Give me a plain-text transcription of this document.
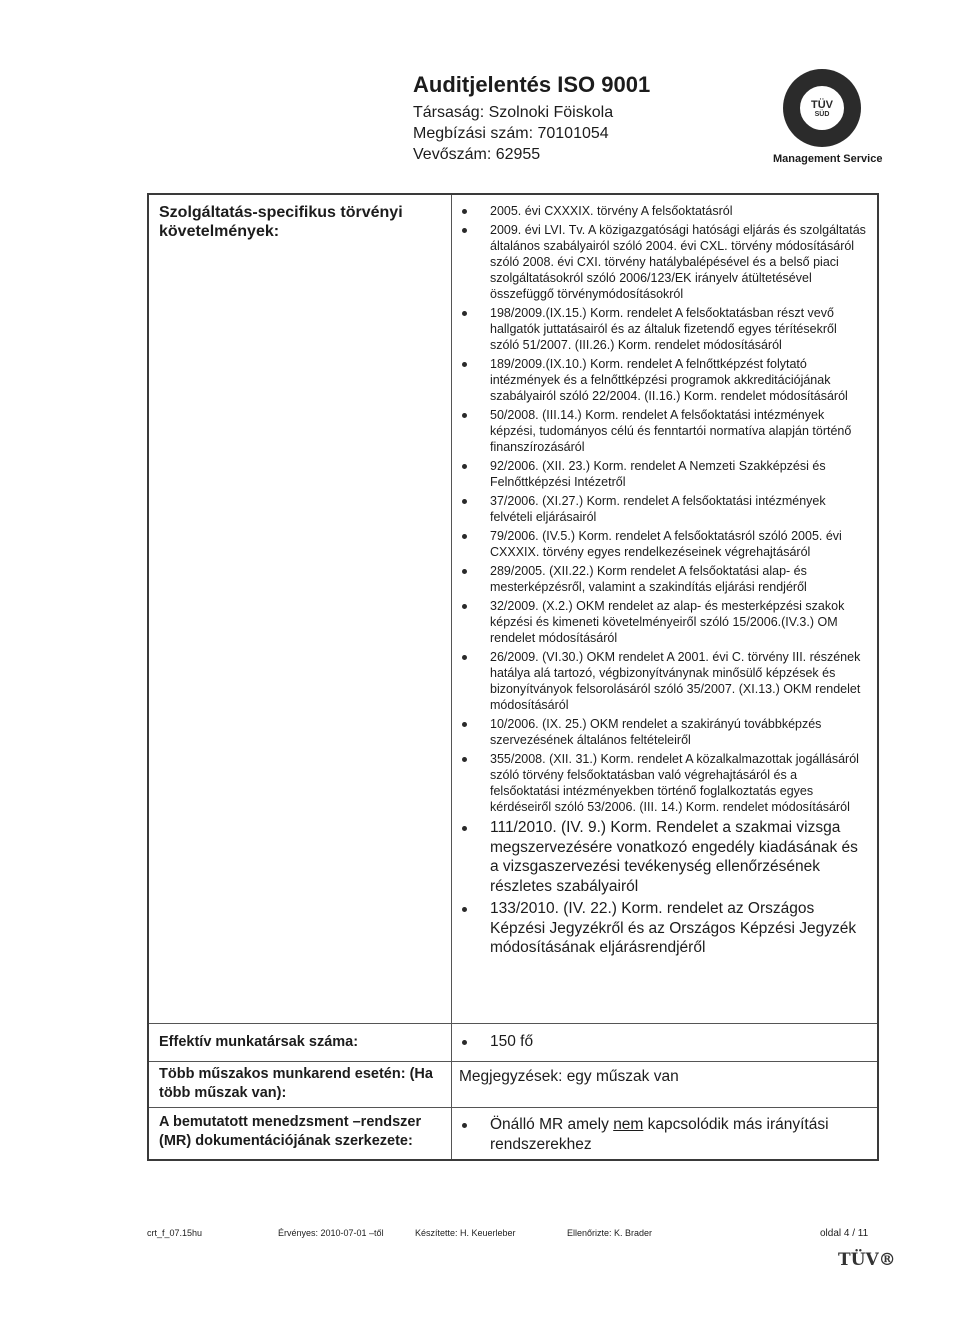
Auditjelentés ISO 9001
Társaság: Szolnoki Föiskola
Megbízási szám: 70101054
Vevőszám: 62955
TÜV
SÜD
Management Service
Szolgáltatás-specifikus törvényi követelmények:
2005. évi CXXXIX. törvény A felsőoktatásról
2009. évi LVI. Tv. A közigazgatósági hatósági eljárás és szolgáltatás általános szabályairól szóló 2004. évi CXL. törvény módosításáról szóló 2008. évi CXI. törvény hatálybalépésével és a belső piaci szolgáltatásokról szóló 2006/123/EK irányelv átültetésével összefüggő törvénymódosításokról
198/2009.(IX.15.) Korm. rendelet A felsőoktatásban részt vevő hallgatók juttatásairól és az általuk fizetendő egyes térítésekről szóló 51/2007. (III.26.) Korm. rendelet módosításáról
189/2009.(IX.10.) Korm. rendelet A felnőttképzést folytató intézmények és a felnőttképzési programok akkreditációjának szabályairól szóló 22/2004. (II.16.) Korm. rendelet módosításáról
50/2008. (III.14.) Korm. rendelet A felsőoktatási intézmények képzési, tudományos célú és fenntartói normatíva alapján történő finanszírozásáról
92/2006. (XII. 23.) Korm. rendelet A Nemzeti Szakképzési és Felnőttképzési Intézetről
37/2006. (XI.27.) Korm. rendelet A felsőoktatási intézmények felvételi eljárásairól
79/2006. (IV.5.) Korm. rendelet A felsőoktatásról szóló 2005. évi CXXXIX. törvény egyes rendelkezéseinek végrehajtásáról
289/2005. (XII.22.) Korm rendelet A felsőoktatási alap- és mesterképzésről, valamint a szakindítás eljárási rendjéről
32/2009. (X.2.) OKM rendelet az alap- és mesterképzési szakok képzési és kimeneti követelményeiről szóló 15/2006.(IV.3.) OM rendelet módosításáról
26/2009. (VI.30.) OKM rendelet A 2001. évi C. törvény III. részének hatálya alá tartozó, végbizonyítványnak minősülő képzések és bizonyítványok felsorolásáról szóló 35/2007. (XI.13.) OKM rendelet módosításáról
10/2006. (IX. 25.) OKM rendelet a szakirányú továbbképzés szervezésének általános feltételeiről
355/2008. (XII. 31.) Korm. rendelet A közalkalmazottak jogállásáról szóló törvény felsőoktatásban való végrehajtásáról és a felsőoktatási intézményekben történő foglalkoztatás egyes kérdéseiről szóló 53/2006. (III. 14.) Korm. rendelet módosításáról
111/2010. (IV. 9.) Korm. Rendelet a szakmai vizsga megszervezésére vonatkozó engedély kiadásának és a vizsgaszervezési tevékenység ellenőrzésének részletes szabályairól
133/2010. (IV. 22.) Korm. rendelet az Országos Képzési Jegyzékről és az Országos Képzési Jegyzék módosításának eljárásrendjéről
Effektív munkatársak száma:	150 fő
Több műszakos munkarend esetén: (Ha több műszak van):
Megjegyzések: egy műszak van
A bemutatott menedzsment –rendszer (MR) dokumentációjának szerkezete:
Önálló MR amely nem kapcsolódik más irányítási rendszerekhez
crt_f_07.15hu	Érvényes: 2010-07-01 –től	Készítette: H. Keuerleber	Ellenőrizte: K. Brader	oldal 4 / 11
TÜV®
